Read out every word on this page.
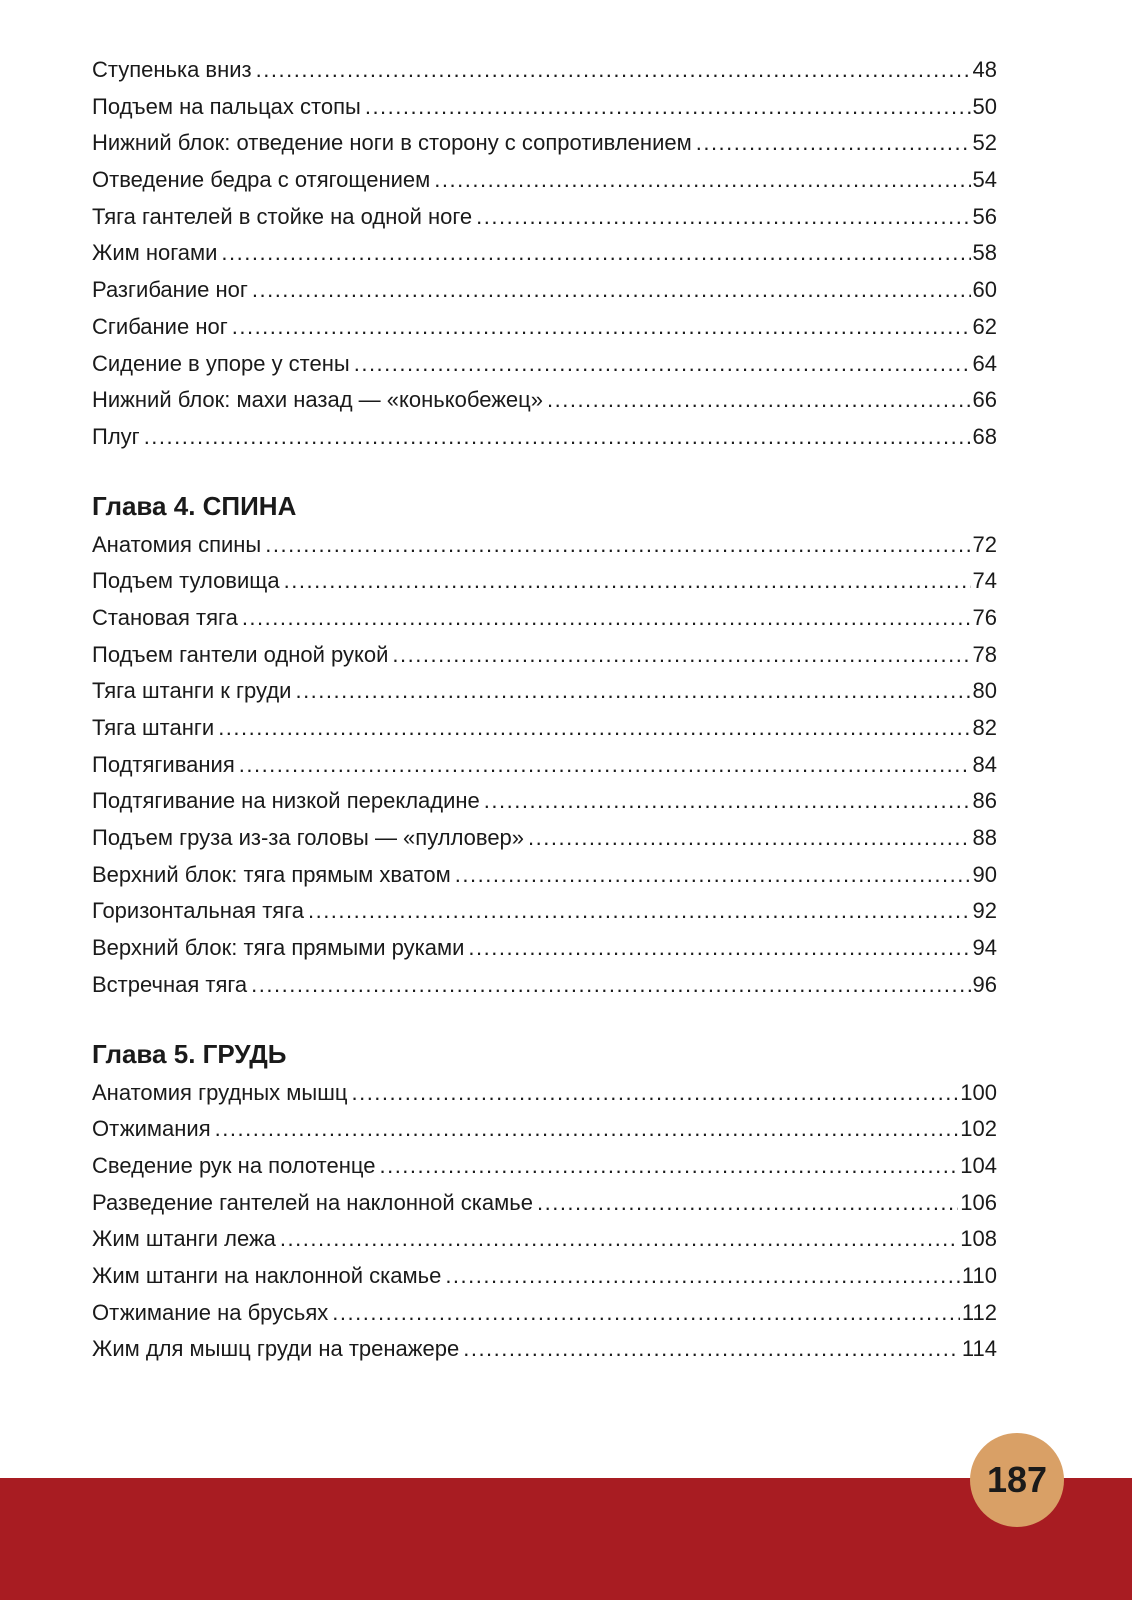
Ступенька вниз .....	48
Подъем на пальцах стопы .....	50
Нижний блок: отведение ноги в сторону с сопротивлением .....	52
Отведение бедра с отягощением .....	54
Тяга гантелей в стойке на одной ноге .....	56
Жим ногами .....	58
Разгибание ног .....	60
Сгибание ног .....	62
Сидение в упоре у стены .....	64
Нижний блок: махи назад — «конькобежец» .....	66
Плуг .....	68
Глава 4. СПИНА
Анатомия спины .....	72
Подъем туловища .....	74
Становая тяга .....	76
Подъем гантели одной рукой .....	78
Тяга штанги к груди .....	80
Тяга штанги .....	82
Подтягивания .....	84
Подтягивание на низкой перекладине .....	86
Подъем груза из-за головы — «пулловер» .....	88
Верхний блок: тяга прямым хватом .....	90
Горизонтальная тяга .....	92
Верхний блок: тяга прямыми руками .....	94
Встречная тяга .....	96
Глава 5. ГРУДЬ
Анатомия грудных мышц .....	100
Отжимания .....	102
Сведение рук на полотенце .....	104
Разведение гантелей на наклонной скамье .....	106
Жим штанги лежа .....	108
Жим штанги на наклонной скамье .....	110
Отжимание на брусьях .....	112
Жим для мышц груди на тренажере .....	114
187
